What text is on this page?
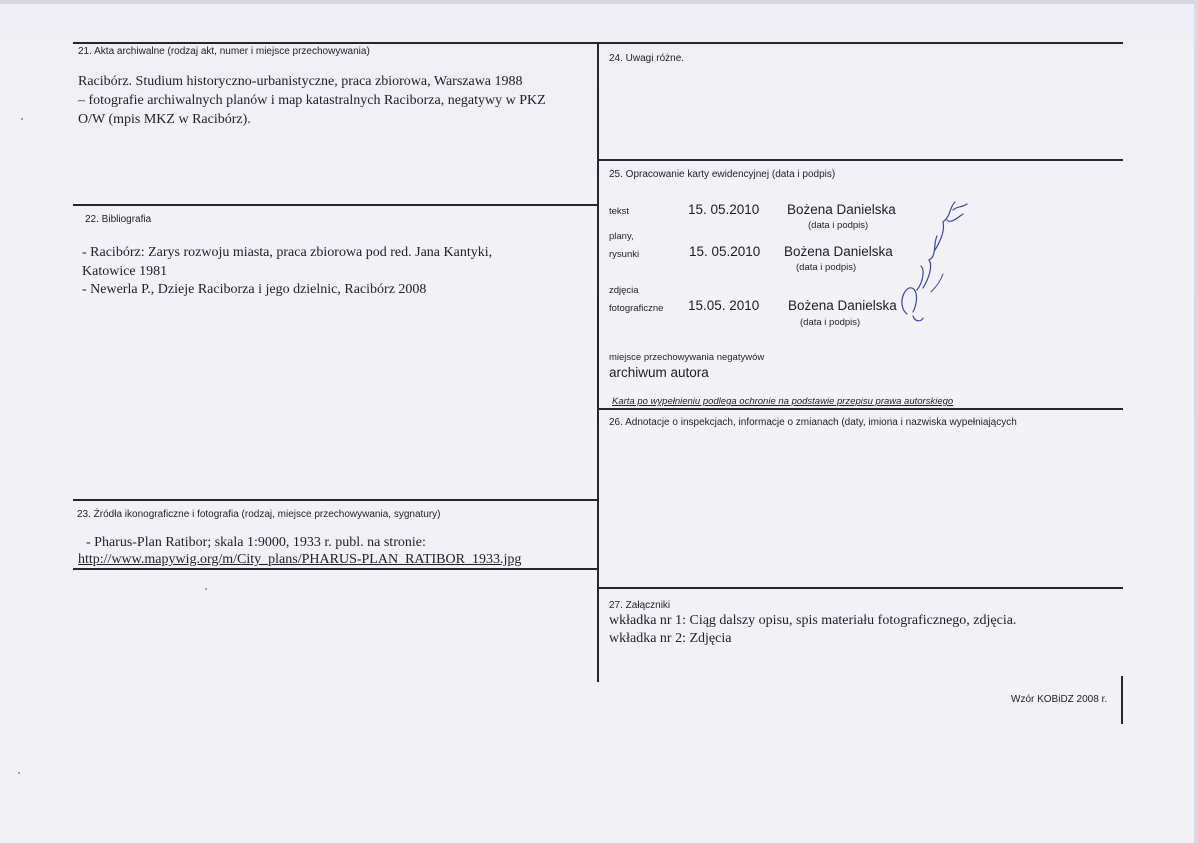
21. Akta archiwalne (rodzaj akt, numer i miejsce przechowywania)
Racibórz. Studium historyczno-urbanistyczne, praca zbiorowa, Warszawa 1988
– fotografie archiwalnych planów i map katastralnych Raciborza, negatywy w PKZ
O/W (mpis MKZ w Racibórz).
22. Bibliografia
- Racibórz: Zarys rozwoju miasta, praca zbiorowa pod red. Jana Kantyki,
Katowice 1981
- Newerla P., Dzieje Raciborza i jego dzielnic, Racibórz 2008
23. Źródła ikonograficzne i fotografia (rodzaj, miejsce przechowywania, sygnatury)
- Pharus-Plan Ratibor; skala 1:9000, 1933 r. publ. na stronie:
http://www.mapywig.org/m/City_plans/PHARUS-PLAN_RATIBOR_1933.jpg
24. Uwagi różne.
25. Opracowanie karty ewidencyjnej (data i podpis)
tekst	15. 05.2010 Bożena Danielska
(data i podpis)
plany,
rysunki	15. 05.2010 Bożena Danielska
(data i podpis)
zdjęcia
fotograficzne 15.05. 2010 Bożena Danielska
(data i podpis)
miejsce przechowywania negatywów
archiwum autora
Karta po wypełnieniu podlega ochronie na podstawie przepisu prawa autorskiego
26. Adnotacje o inspekcjach, informacje o zmianach (daty, imiona i nazwiska wypełniających
27. Załączniki
wkładka nr 1: Ciąg dalszy opisu, spis materiału fotograficznego, zdjęcia.
wkładka nr 2: Zdjęcia
Wzór KOBiDZ 2008 r.
